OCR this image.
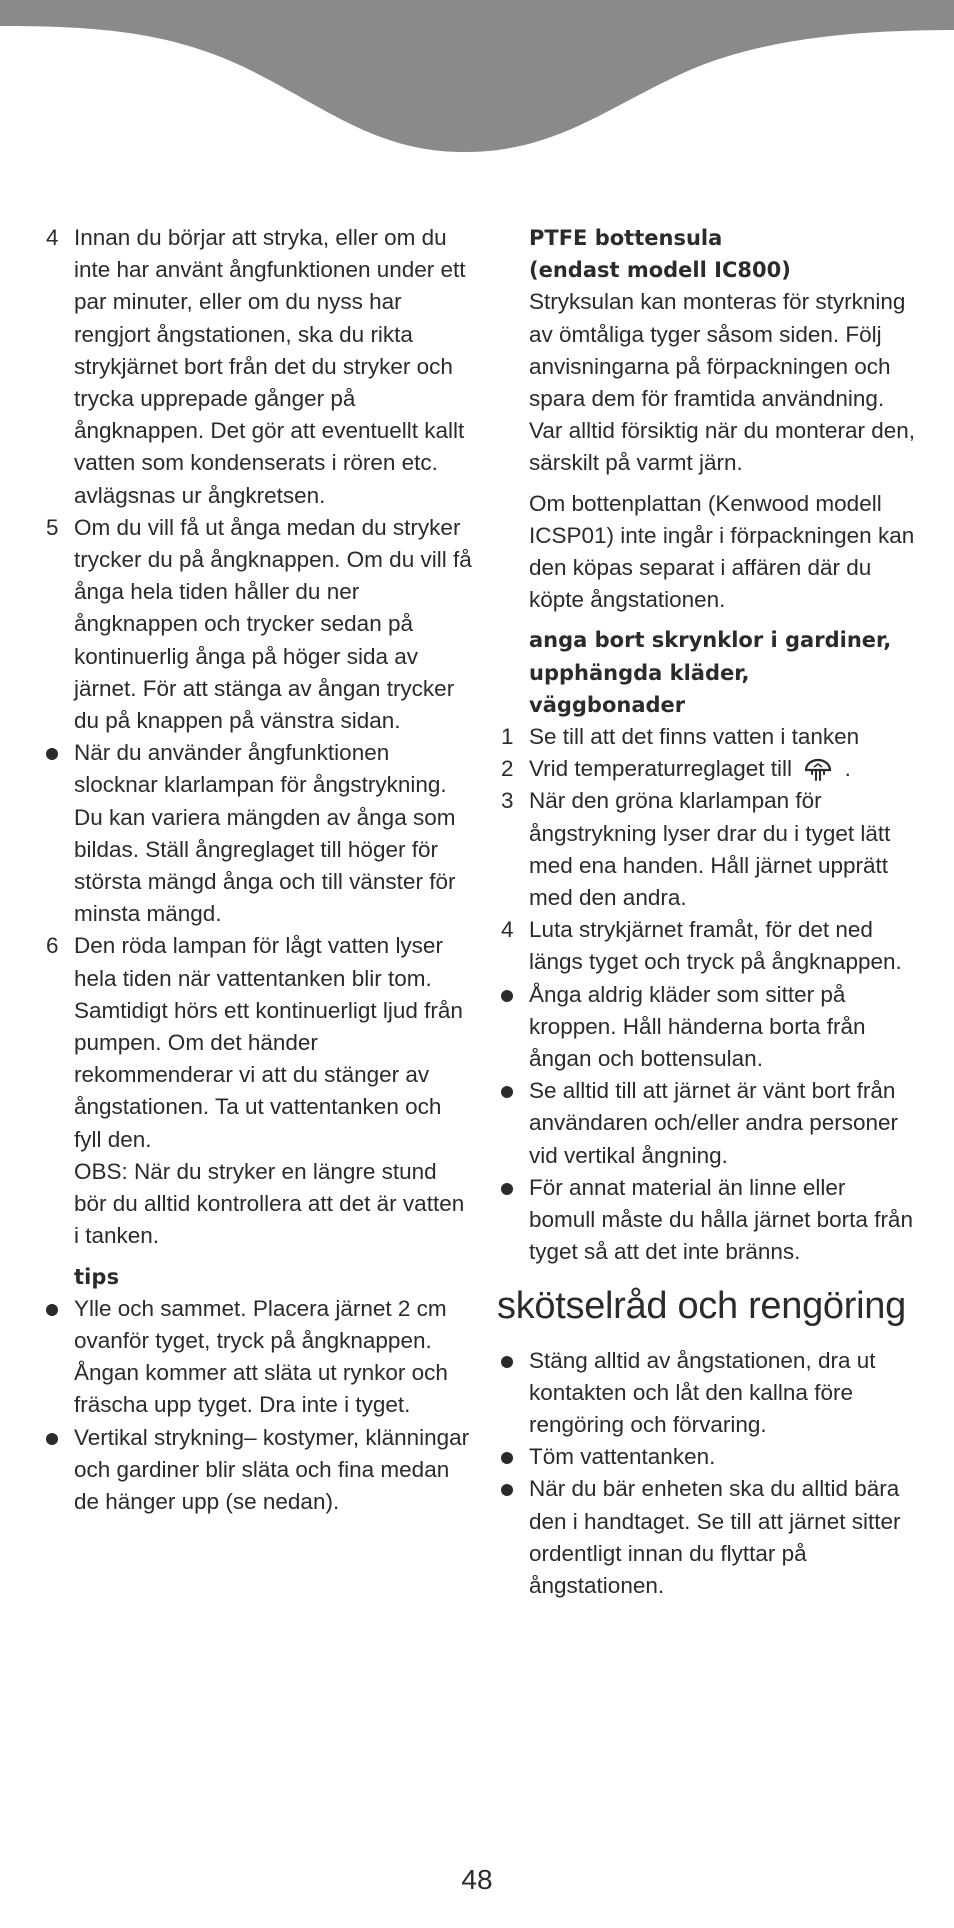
4 Innan du börjar att stryka, eller om du inte har använt ångfunktionen under ett par minuter, eller om du nyss har rengjort ångstationen, ska du rikta strykjärnet bort från det du stryker och trycka upprepade gånger på ångknappen. Det gör att eventuellt kallt vatten som kondenserats i rören etc. avlägsnas ur ångkretsen.
5 Om du vill få ut ånga medan du stryker trycker du på ångknappen. Om du vill få ånga hela tiden håller du ner ångknappen och trycker sedan på kontinuerlig ånga på höger sida av järnet. För att stänga av ångan trycker du på knappen på vänstra sidan.
När du använder ångfunktionen slocknar klarlampan för ångstrykning.
Du kan variera mängden av ånga som bildas. Ställ ångreglaget till höger för största mängd ånga och till vänster för minsta mängd.
6 Den röda lampan för lågt vatten lyser hela tiden när vattentanken blir tom. Samtidigt hörs ett kontinuerligt ljud från pumpen. Om det händer rekommenderar vi att du stänger av ångstationen. Ta ut vattentanken och fyll den.
OBS: När du stryker en längre stund bör du alltid kontrollera att det är vatten i tanken.
tips
Ylle och sammet. Placera järnet 2 cm ovanför tyget, tryck på ångknappen. Ångan kommer att släta ut rynkor och fräscha upp tyget. Dra inte i tyget.
Vertikal strykning– kostymer, klänningar och gardiner blir släta och fina medan de hänger upp (se nedan).
PTFE bottensula
(endast modell IC800)
Stryksulan kan monteras för styrkning av ömtåliga tyger såsom siden. Följ anvisningarna på förpackningen och spara dem för framtida användning. Var alltid försiktig när du monterar den, särskilt på varmt järn.
Om bottenplattan (Kenwood modell ICSP01) inte ingår i förpackningen kan den köpas separat i affären där du köpte ångstationen.
anga bort skrynklor i gardiner,
upphängda kläder,
väggbonader
1 Se till att det finns vatten i tanken
2 Vrid temperaturreglaget till .
3 När den gröna klarlampan för ångstrykning lyser drar du i tyget lätt med ena handen. Håll järnet upprätt med den andra.
4 Luta strykjärnet framåt, för det ned längs tyget och tryck på ångknappen.
Ånga aldrig kläder som sitter på kroppen. Håll händerna borta från ångan och bottensulan.
Se alltid till att järnet är vänt bort från användaren och/eller andra personer vid vertikal ångning.
För annat material än linne eller bomull måste du hålla järnet borta från tyget så att det inte bränns.
skötselråd och rengöring
Stäng alltid av ångstationen, dra ut kontakten och låt den kallna före rengöring och förvaring.
Töm vattentanken.
När du bär enheten ska du alltid bära den i handtaget. Se till att järnet sitter ordentligt innan du flyttar på ångstationen.
48
